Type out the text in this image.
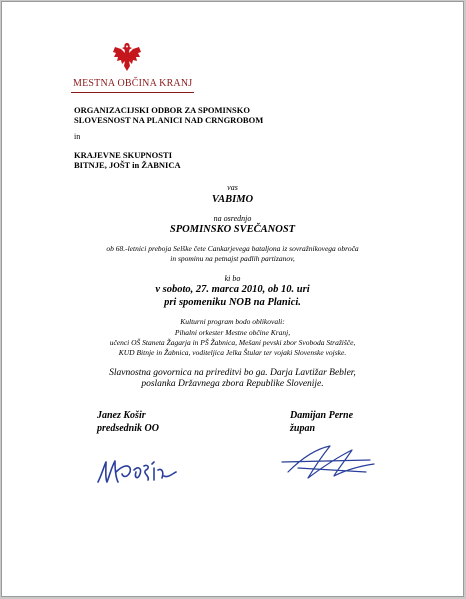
MESTNA OBČINA KRANJ
ORGANIZACIJSKI ODBOR ZA SPOMINSKO
SLOVESNOST NA PLANICI NAD CRNGROBOM
in
KRAJEVNE SKUPNOSTI
BITNJE, JOŠT in ŽABNICA
vas
VABIMO
na osrednjo
SPOMINSKO SVEČANOST
ob 68.-letnici preboja Selške čete Cankarjevega bataljona iz sovražnikovega obroča
in spominu na petnajst padlih partizanov,
ki bo
v soboto, 27. marca 2010, ob 10. uri
pri spomeniku NOB na Planici.
Kulturni program bodo oblikovali:
Pihalni orkester Mestne občine Kranj,
učenci OŠ Staneta Žagarja in PŠ Žabnica, Mešani pevski zbor Svoboda Stražišče,
KUD Bitnje in Žabnica, voditeljica Jelka Štular ter vojaki Slovenske vojske.
Slavnostna govornica na prireditvi bo ga. Darja Lavtižar Bebler,
poslanka Državnega zbora Republike Slovenije.
Janez Košir
predsednik OO
Damijan Perne
župan
